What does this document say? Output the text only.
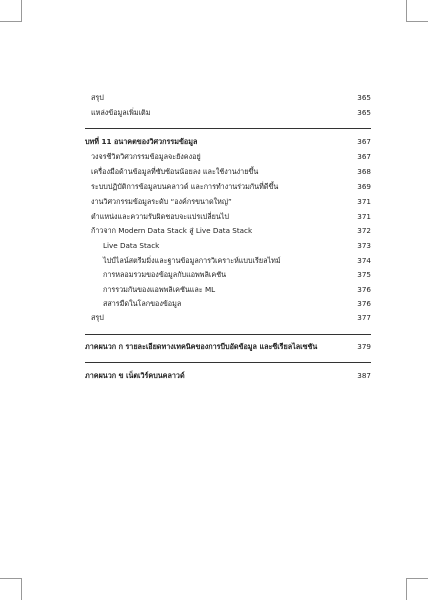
สรุป	365
แหล่งข้อมูลเพิ่มเติม	365
บทที่ 11 อนาคตของวิศวกรรมข้อมูล	367
วงจรชีวิตวิศวกรรมข้อมูลจะยังคงอยู่	367
เครื่องมือด้านข้อมูลที่ซับซ้อนน้อยลง และใช้งานง่ายขึ้น	368
ระบบปฏิบัติการข้อมูลบนคลาวด์ และการทำงานร่วมกันที่ดีขึ้น	369
งานวิศวกรรมข้อมูลระดับ “องค์กรขนาดใหญ่”	371
ตำแหน่งและความรับผิดชอบจะแปรเปลี่ยนไป	371
ก้าวจาก Modern Data Stack สู่ Live Data Stack	372
Live Data Stack	373
ไปป์ไลน์สตรีมมิ่งและฐานข้อมูลการวิเคราะห์แบบเรียลไทม์	374
การหลอมรวมของข้อมูลกับแอพพลิเคชัน	375
การรวมกันของแอพพลิเคชันและ ML	376
สสารมืดในโลกของข้อมูล	376
สรุป	377
ภาคผนวก ก รายละเอียดทางเทคนิคของการบีบอัดข้อมูล และซีเรียลไลเซชัน	379
ภาคผนวก ข เน็ตเวิร์คบนคลาวด์	387
